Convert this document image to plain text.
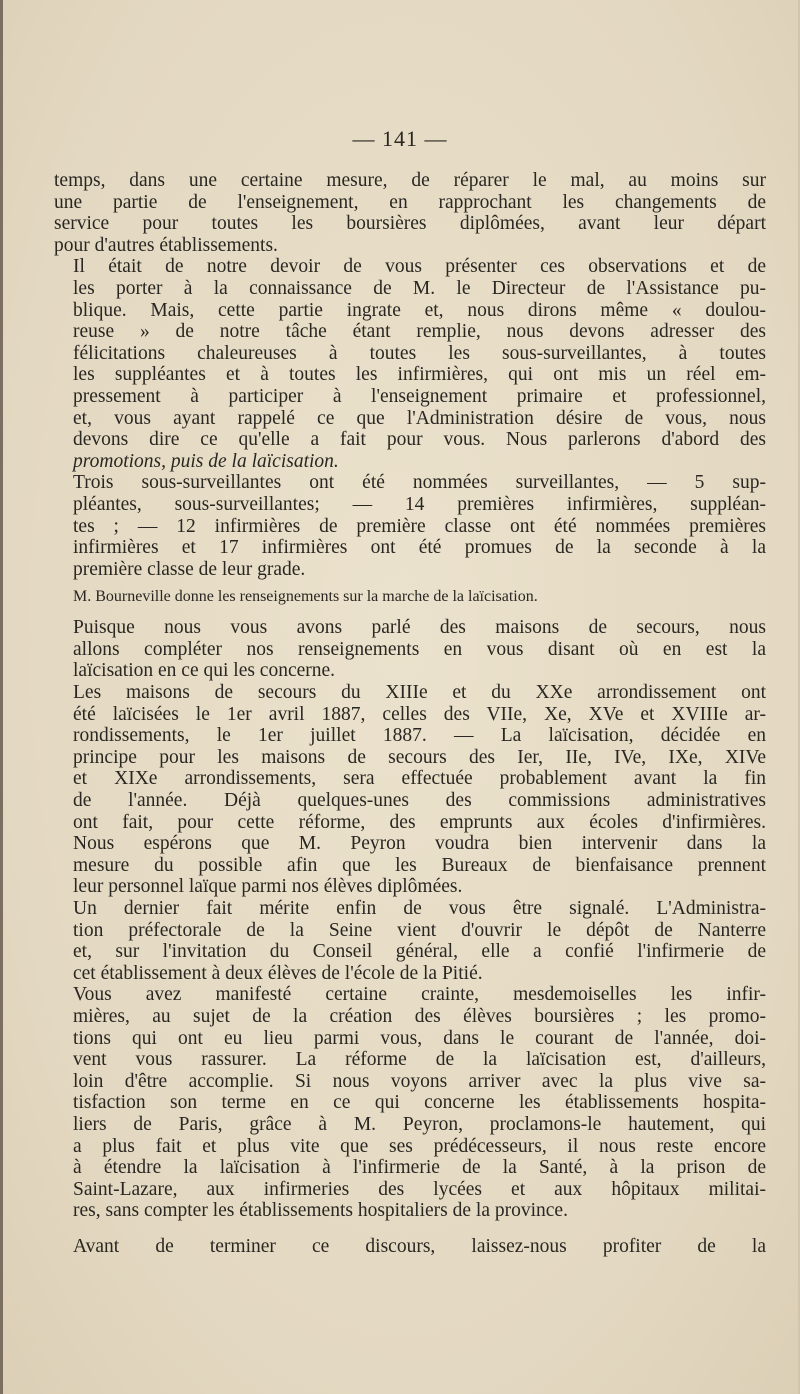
— 141 —

temps, dans une certaine mesure, de réparer le mal, au moins sur
une partie de l'enseignement, en rapprochant les changements de
service pour toutes les boursières diplômées, avant leur départ
pour d'autres établissements.

Il était de notre devoir de vous présenter ces observations et de
les porter à la connaissance de M. le Directeur de l'Assistance pu-
blique. Mais, cette partie ingrate et, nous dirons même « doulou-
reuse » de notre tâche étant remplie, nous devons adresser des
félicitations chaleureuses à toutes les sous-surveillantes, à toutes
les suppléantes et à toutes les infirmières, qui ont mis un réel em-
pressement à participer à l'enseignement primaire et professionnel,
et, vous ayant rappelé ce que l'Administration désire de vous, nous
devons dire ce qu'elle a fait pour vous. Nous parlerons d'abord des
promotions, puis de la laïcisation.

Trois sous-surveillantes ont été nommées surveillantes, — 5 sup-
pléantes, sous-surveillantes; — 14 premières infirmières, suppléan-
tes ; — 12 infirmières de première classe ont été nommées premières
infirmières et 17 infirmières ont été promues de la seconde à la
première classe de leur grade.

M. Bourneville donne les renseignements sur la marche de la laïcisation.

Puisque nous vous avons parlé des maisons de secours, nous
allons compléter nos renseignements en vous disant où en est la
laïcisation en ce qui les concerne.

Les maisons de secours du XIIIe et du XXe arrondissement ont
été laïcisées le 1er avril 1887, celles des VIIe, Xe, XVe et XVIIIe ar-
rondissements, le 1er juillet 1887. — La laïcisation, décidée en
principe pour les maisons de secours des Ier, IIe, IVe, IXe, XIVe
et XIXe arrondissements, sera effectuée probablement avant la fin
de l'année. Déjà quelques-unes des commissions administratives
ont fait, pour cette réforme, des emprunts aux écoles d'infirmières.
Nous espérons que M. Peyron voudra bien intervenir dans la
mesure du possible afin que les Bureaux de bienfaisance prennent
leur personnel laïque parmi nos élèves diplômées.

Un dernier fait mérite enfin de vous être signalé. L'Administra-
tion préfectorale de la Seine vient d'ouvrir le dépôt de Nanterre
et, sur l'invitation du Conseil général, elle a confié l'infirmerie de
cet établissement à deux élèves de l'école de la Pitié.

Vous avez manifesté certaine crainte, mesdemoiselles les infir-
mières, au sujet de la création des élèves boursières ; les promo-
tions qui ont eu lieu parmi vous, dans le courant de l'année, doi-
vent vous rassurer. La réforme de la laïcisation est, d'ailleurs,
loin d'être accomplie. Si nous voyons arriver avec la plus vive sa-
tisfaction son terme en ce qui concerne les établissements hospita-
liers de Paris, grâce à M. Peyron, proclamons-le hautement, qui
a plus fait et plus vite que ses prédécesseurs, il nous reste encore
à étendre la laïcisation à l'infirmerie de la Santé, à la prison de
Saint-Lazare, aux infirmeries des lycées et aux hôpitaux militai-
res, sans compter les établissements hospitaliers de la province.

Avant de terminer ce discours, laissez-nous profiter de la
